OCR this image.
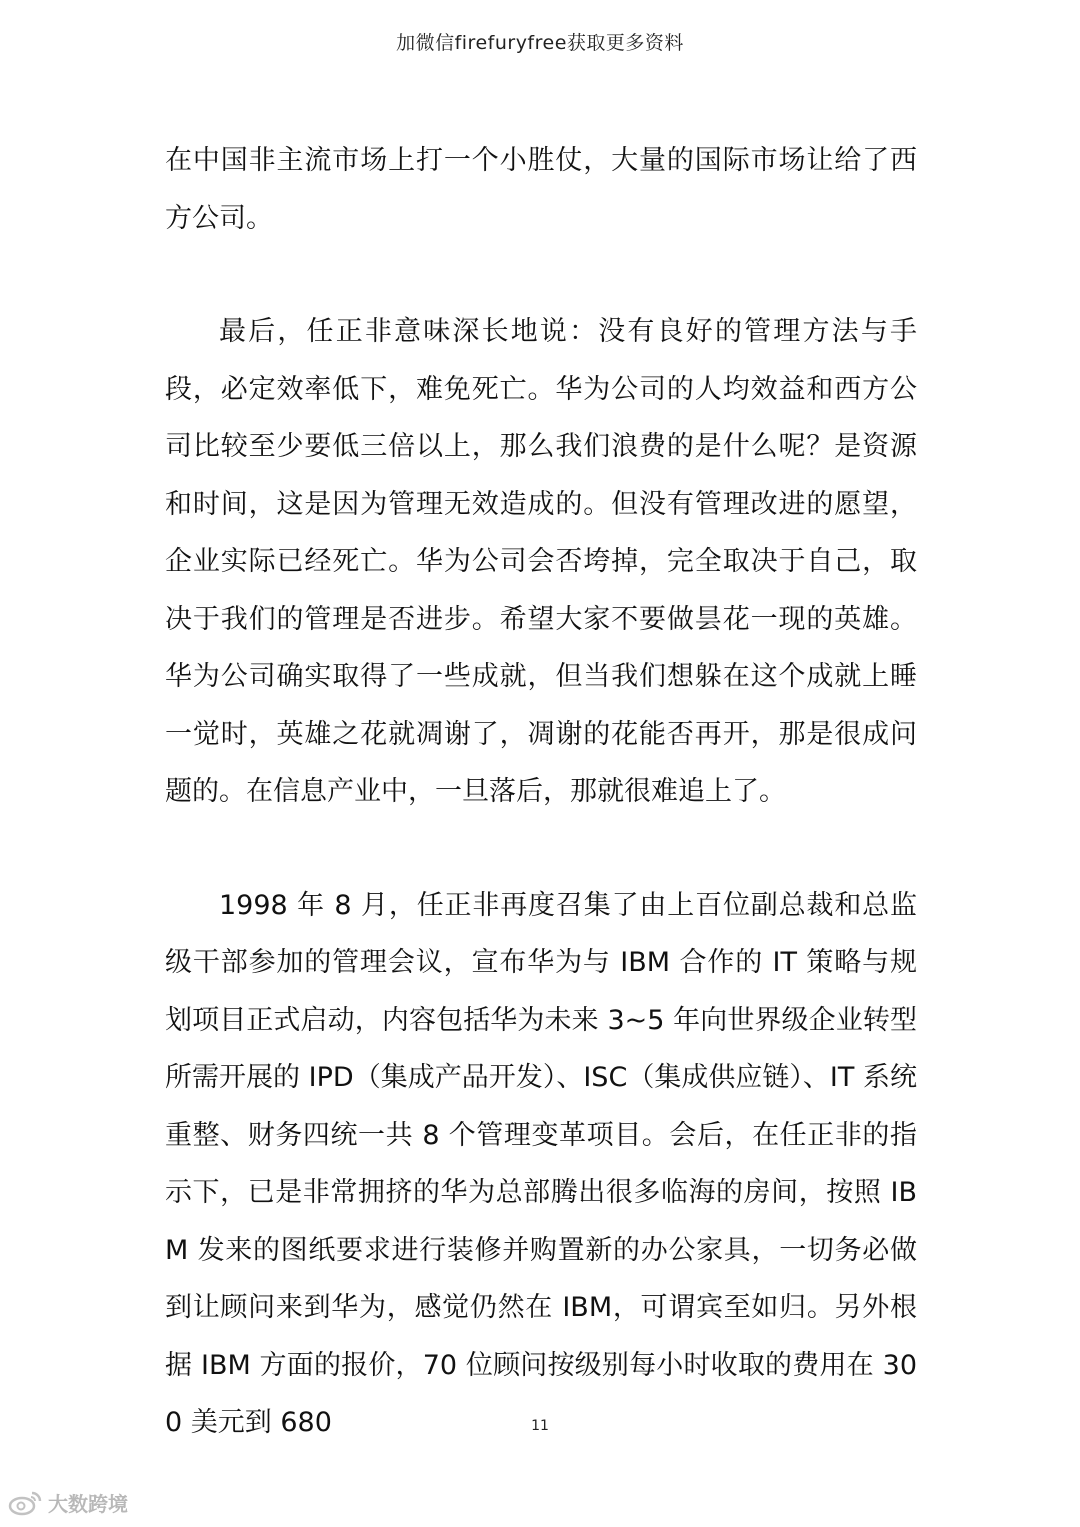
加微信firefuryfree获取更多资料

在中国非主流市场上打一个小胜仗，大量的国际市场让给了西方公司。

最后，任正非意味深长地说：没有良好的管理方法与手段，必定效率低下，难免死亡。华为公司的人均效益和西方公司比较至少要低三倍以上，那么我们浪费的是什么呢？是资源和时间，这是因为管理无效造成的。但没有管理改进的愿望，企业实际已经死亡。华为公司会否垮掉，完全取决于自己，取决于我们的管理是否进步。希望大家不要做昙花一现的英雄。华为公司确实取得了一些成就，但当我们想躲在这个成就上睡一觉时，英雄之花就凋谢了，凋谢的花能否再开，那是很成问题的。在信息产业中，一旦落后，那就很难追上了。

1998 年 8 月，任正非再度召集了由上百位副总裁和总监级干部参加的管理会议，宣布华为与 IBM 合作的 IT 策略与规划项目正式启动，内容包括华为未来 3~5 年向世界级企业转型所需开展的 IPD（集成产品开发）、ISC（集成供应链）、IT 系统重整、财务四统一共 8 个管理变革项目。会后，在任正非的指示下，已是非常拥挤的华为总部腾出很多临海的房间，按照 IBM 发来的图纸要求进行装修并购置新的办公家具，一切务必做到让顾问来到华为，感觉仍然在 IBM，可谓宾至如归。另外根据 IBM 方面的报价，70 位顾问按级别每小时收取的费用在 300 美元到 680	11
大数跨境
